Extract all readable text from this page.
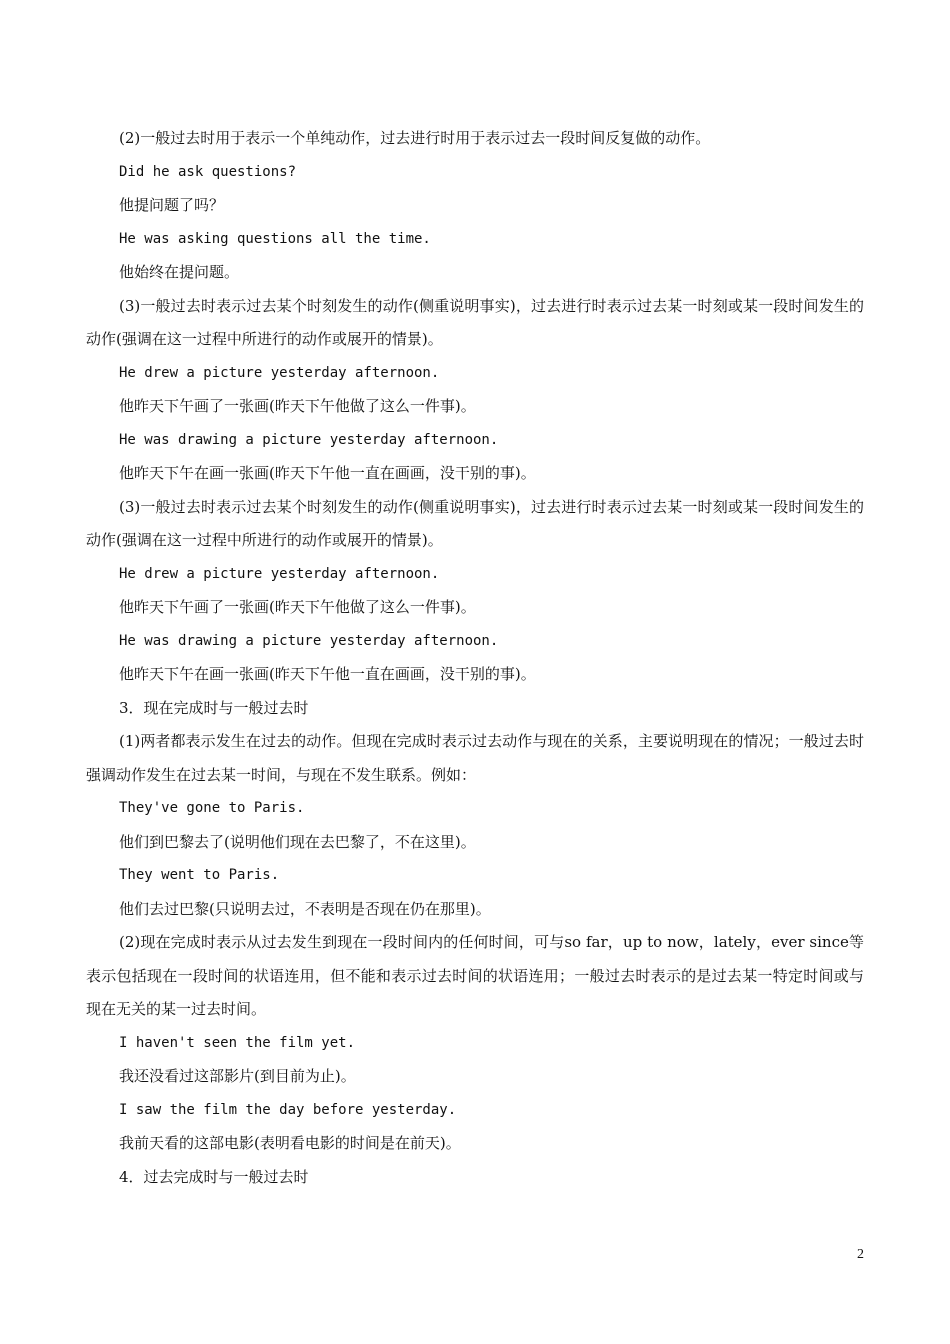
(2)一般过去时用于表示一个单纯动作，过去进行时用于表示过去一段时间反复做的动作。

Did he ask questions?

他提问题了吗？

He was asking questions all the time.

他始终在提问题。

(3)一般过去时表示过去某个时刻发生的动作(侧重说明事实)，过去进行时表示过去某一时刻或某一段时间发生的动作(强调在这一过程中所进行的动作或展开的情景)。

He drew a picture yesterday afternoon.

他昨天下午画了一张画(昨天下午他做了这么一件事)。

He was drawing a picture yesterday afternoon.

他昨天下午在画一张画(昨天下午他一直在画画，没干别的事)。

(3)一般过去时表示过去某个时刻发生的动作(侧重说明事实)，过去进行时表示过去某一时刻或某一段时间发生的动作(强调在这一过程中所进行的动作或展开的情景)。

He drew a picture yesterday afternoon.

他昨天下午画了一张画(昨天下午他做了这么一件事)。

He was drawing a picture yesterday afternoon.

他昨天下午在画一张画(昨天下午他一直在画画，没干别的事)。

3．现在完成时与一般过去时

(1)两者都表示发生在过去的动作。但现在完成时表示过去动作与现在的关系，主要说明现在的情况；一般过去时强调动作发生在过去某一时间，与现在不发生联系。例如：

They've gone to Paris.

他们到巴黎去了(说明他们现在去巴黎了，不在这里)。

They went to Paris.

他们去过巴黎(只说明去过，不表明是否现在仍在那里)。

(2)现在完成时表示从过去发生到现在一段时间内的任何时间，可与so far，up to now，lately，ever since等表示包括现在一段时间的状语连用，但不能和表示过去时间的状语连用；一般过去时表示的是过去某一特定时间或与现在无关的某一过去时间。

I haven't seen the film yet.

我还没看过这部影片(到目前为止)。

I saw the film the day before yesterday.

我前天看的这部电影(表明看电影的时间是在前天)。

4．过去完成时与一般过去时

2
